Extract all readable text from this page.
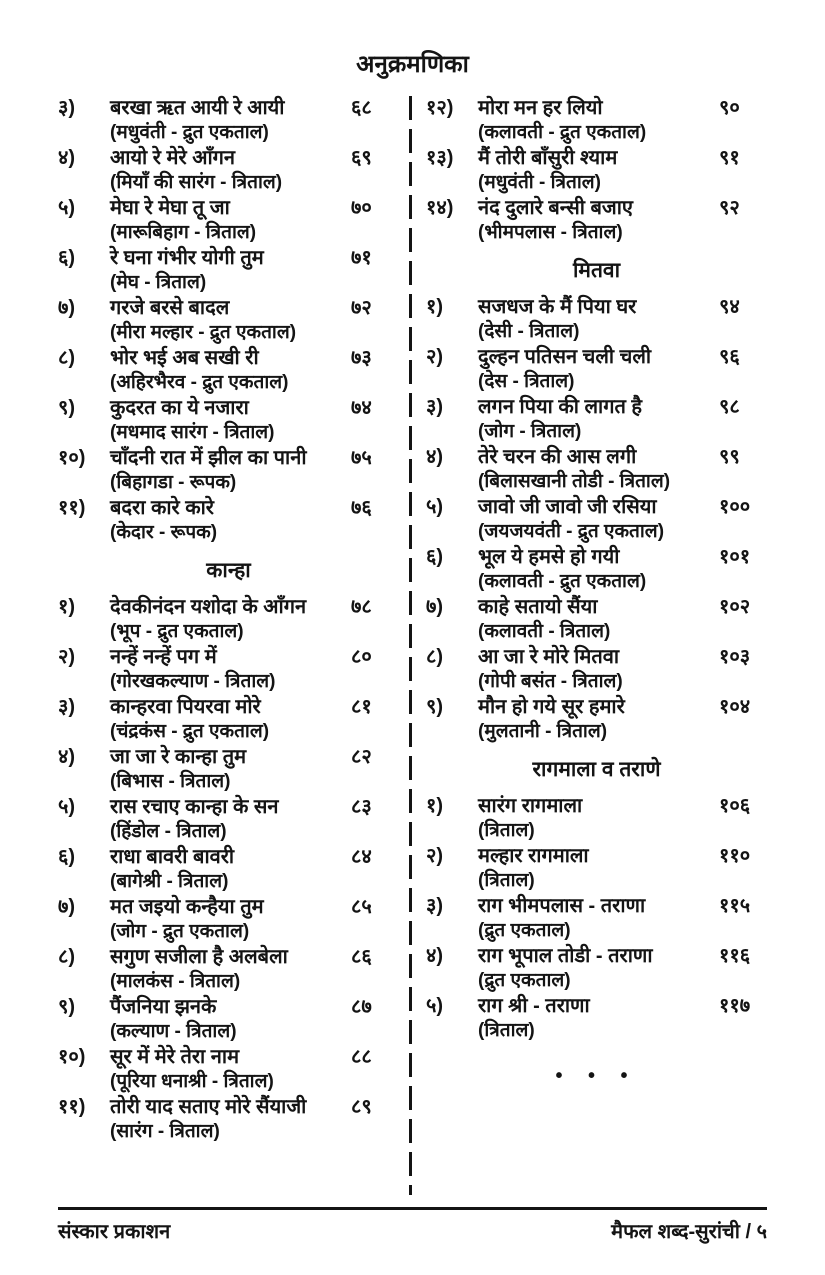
अनुक्रमणिका
३)	बरखा ऋत आयी रे आयी	६८
(मधुवंती - द्रुत एकताल)
४)	आयो रे मेरे आँगन	६९
(मियाँ की सारंग - त्रिताल)
५)	मेघा रे मेघा तू जा	७०
(मारूबिहाग - त्रिताल)
६)	रे घना गंभीर योगी तुम	७१
(मेघ - त्रिताल)
७)	गरजे बरसे बादल	७२
(मीरा मल्हार - द्रुत एकताल)
८)	भोर भई अब सखी री	७३
(अहिरभैरव - द्रुत एकताल)
९)	कुदरत का ये नजारा	७४
(मधमाद सारंग - त्रिताल)
१०)	चाँदनी रात में झील का पानी	७५
(बिहागडा - रूपक)
११)	बदरा कारे कारे	७६
(केदार - रूपक)
कान्हा
१)	देवकीनंदन यशोदा के आँगन	७८
(भूप - द्रुत एकताल)
२)	नन्हें नन्हें पग में	८०
(गोरखकल्याण - त्रिताल)
३)	कान्हरवा पियरवा मोरे	८१
(चंद्रकंस - द्रुत एकताल)
४)	जा जा रे कान्हा तुम	८२
(बिभास - त्रिताल)
५)	रास रचाए कान्हा के सन	८३
(हिंडोल - त्रिताल)
६)	राधा बावरी बावरी	८४
(बागेश्री - त्रिताल)
७)	मत जइयो कन्हैया तुम	८५
(जोग - द्रुत एकताल)
८)	सगुण सजीला है अलबेला	८६
(मालकंस - त्रिताल)
९)	पैंजनिया झनके	८७
(कल्याण - त्रिताल)
१०)	सूर में मेरे तेरा नाम	८८
(पूरिया धनाश्री - त्रिताल)
११)	तोरी याद सताए मोरे सैंयाजी	८९
(सारंग - त्रिताल)
१२)	मोरा मन हर लियो	९०
(कलावती - द्रुत एकताल)
१३)	मैं तोरी बाँसुरी श्याम	९१
(मधुवंती - त्रिताल)
१४)	नंद दुलारे बन्सी बजाए	९२
(भीमपलास - त्रिताल)
मितवा
१)	सजधज के मैं पिया घर	९४
(देसी - त्रिताल)
२)	दुल्हन पतिसन चली चली	९६
(देस - त्रिताल)
३)	लगन पिया की लागत है	९८
(जोग - त्रिताल)
४)	तेरे चरन की आस लगी	९९
(बिलासखानी तोडी - त्रिताल)
५)	जावो जी जावो जी रसिया	१००
(जयजयवंती - द्रुत एकताल)
६)	भूल ये हमसे हो गयी	१०१
(कलावती - द्रुत एकताल)
७)	काहे सतायो सैंया	१०२
(कलावती - त्रिताल)
८)	आ जा रे मोरे मितवा	१०३
(गोपी बसंत - त्रिताल)
९)	मौन हो गये सूर हमारे	१०४
(मुलतानी - त्रिताल)
रागमाला व तराणे
१)	सारंग रागमाला	१०६
(त्रिताल)
२)	मल्हार रागमाला	११०
(त्रिताल)
३)	राग भीमपलास - तराणा	११५
(द्रुत एकताल)
४)	राग भूपाल तोडी - तराणा	११६
(द्रुत एकताल)
५)	राग श्री - तराणा	११७
(त्रिताल)
• • •
संस्कार प्रकाशन	मैफल शब्द-सुरांची / ५
